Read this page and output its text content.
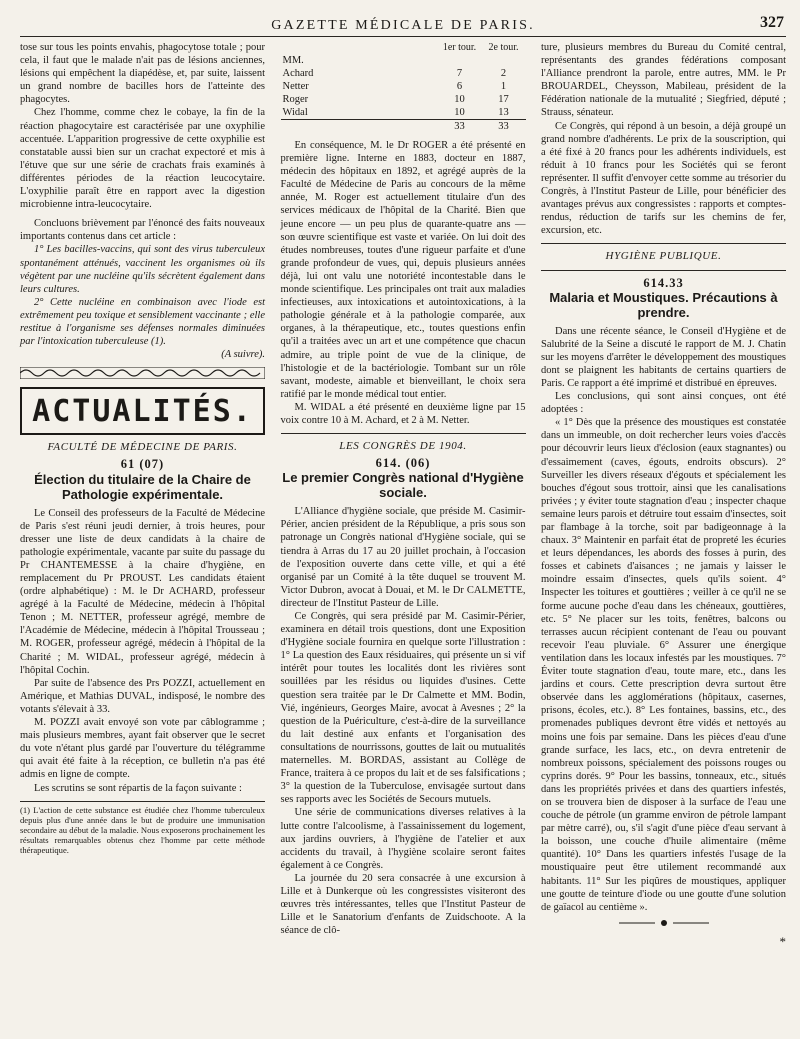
GAZETTE MÉDICALE DE PARIS.	327

tose sur tous les points envahis, phagocytose totale ; pour cela, il faut que le malade n'ait pas de lésions anciennes, lésions qui empêchent la diapédèse, et, par suite, laissent un grand nombre de bacilles hors de l'atteinte des phagocytes.

Chez l'homme, comme chez le cobaye, la fin de la réaction phagocytaire est caractérisée par une oxyphilie accentuée. L'apparition progressive de cette oxyphilie est constatable aussi bien sur un crachat expectoré et mis à l'étuve que sur une série de crachats frais examinés à différentes périodes de la réaction leucocytaire. L'oxyphilie paraît être en rapport avec la digestion microbienne intra-leucocytaire.

Concluons brièvement par l'énoncé des faits nouveaux importants contenus dans cet article :

1° Les bacilles-vaccins, qui sont des virus tuberculeux spontanément atténués, vaccinent les organismes où ils végètent par une nucléine qu'ils sécrètent également dans leurs cultures.

2° Cette nucléine en combinaison avec l'iode est extrêmement peu toxique et sensiblement vaccinante ; elle restitue à l'organisme ses défenses normales diminuées par l'intoxication tuberculeuse (1).

(A suivre).
ACTUALITÉS.
FACULTÉ DE MÉDECINE DE PARIS.
61 (07)
Élection du titulaire de la Chaire de Pathologie expérimentale.

Le Conseil des professeurs de la Faculté de Médecine de Paris s'est réuni jeudi dernier, à trois heures, pour dresser une liste de deux candidats à la chaire de pathologie expérimentale, vacante par suite du passage du Pr CHANTEMESSE à la chaire d'hygiène, en remplacement du Pr PROUST. Les candidats étaient (ordre alphabétique) : M. le Dr ACHARD, professeur agrégé à la Faculté de Médecine, médecin à l'hôpital Tenon ; M. NETTER, professeur agrégé, membre de l'Académie de Médecine, médecin à l'hôpital Trousseau ; M. ROGER, professeur agrégé, médecin à l'hôpital de la Charité ; M. WIDAL, professeur agrégé, médecin à l'hôpital Cochin.

Par suite de l'absence des Prs POZZI, actuellement en Amérique, et Mathias DUVAL, indisposé, le nombre des votants s'élevait à 33.

M. POZZI avait envoyé son vote par câblogramme ; mais plusieurs membres, ayant fait observer que le secret du vote n'étant plus gardé par l'ouverture du télégramme qui avait été faite à la réception, ce bulletin n'a pas été admis en ligne de compte.

Les scrutins se sont répartis de la façon suivante :

(1) L'action de cette substance est étudiée chez l'homme tuberculeux depuis plus d'une année dans le but de produire une immunisation secondaire au début de la maladie. Nous exposerons prochainement les résultats remarquables obtenus chez l'homme par cette méthode thérapeutique.

	1er tour.	2e tour.
MM.		
Achard	7	2
Netter	6	1
Roger	10	17
Widal	10	13
	33	33

En conséquence, M. le Dr ROGER a été présenté en première ligne. Interne en 1883, docteur en 1887, médecin des hôpitaux en 1892, et agrégé auprès de la Faculté de Médecine de Paris au concours de la même année, M. Roger est actuellement titulaire d'un des services médicaux de l'hôpital de la Charité. Bien que jeune encore — un peu plus de quarante-quatre ans — son œuvre scientifique est vaste et variée. On lui doit des études nombreuses, toutes d'une rigueur parfaite et d'une grande profondeur de vues, qui, depuis plusieurs années déjà, lui ont valu une notoriété incontestable dans le monde scientifique. Les principales ont trait aux maladies infectieuses, aux intoxications et autointoxications, à la pathologie générale et à la pathologie comparée, aux organes, à la thérapeutique, etc., toutes questions enfin qu'il a traitées avec un art et une compétence que chacun admire, au triple point de vue de la clinique, de l'histologie et de la bactériologie. Tombant sur un rôle savant, modeste, aimable et bienveillant, le choix sera ratifié par le monde médical tout entier.

M. WIDAL a été présenté en deuxième ligne par 15 voix contre 10 à M. Achard, et 2 à M. Netter.

LES CONGRÈS DE 1904.
614. (06)
Le premier Congrès national d'Hygiène sociale.

L'Alliance d'hygiène sociale, que préside M. Casimir-Périer, ancien président de la République, a pris sous son patronage un Congrès national d'Hygiène sociale, qui se tiendra à Arras du 17 au 20 juillet prochain, à l'occasion de l'exposition ouverte dans cette ville, et qui a été organisé par un Comité à la tête duquel se trouvent M. Victor Dubron, avocat à Douai, et M. le Dr CALMETTE, directeur de l'Institut Pasteur de Lille.

Ce Congrès, qui sera présidé par M. Casimir-Périer, examinera en détail trois questions, dont une Exposition d'Hygiène sociale fournira en quelque sorte l'illustration : 1° La question des Eaux résiduaires, qui présente un si vif intérêt pour toutes les localités dont les rivières sont souillées par les résidus ou liquides d'usines. Cette question sera traitée par le Dr Calmette et MM. Bodin, Vié, ingénieurs, Georges Maire, avocat à Avesnes ; 2° la question de la Puériculture, c'est-à-dire de la surveillance du lait destiné aux enfants et l'organisation des consultations de nourrissons, gouttes de lait ou mutualités maternelles. M. BORDAS, assistant au Collège de France, traitera à ce propos du lait et de ses falsifications ; 3° la question de la Tuberculose, envisagée surtout dans ses rapports avec les Sociétés de Secours mutuels.

Une série de communications diverses relatives à la lutte contre l'alcoolisme, à l'assainissement du logement, aux jardins ouvriers, à l'hygiène de l'atelier et aux accidents du travail, à l'hygiène scolaire seront faites également à ce Congrès.

La journée du 20 sera consacrée à une excursion à Lille et à Dunkerque où les congressistes visiteront des œuvres très intéressantes, telles que l'Institut Pasteur de Lille et le Sanatorium d'enfants de Zuidschoote. A la séance de clô-

ture, plusieurs membres du Bureau du Comité central, représentants des grandes fédérations composant l'Alliance prendront la parole, entre autres, MM. le Pr BROUARDEL, Cheysson, Mabileau, président de la Fédération nationale de la mutualité ; Siegfried, député ; Strauss, sénateur.

Ce Congrès, qui répond à un besoin, a déjà groupé un grand nombre d'adhérents. Le prix de la souscription, qui a été fixé à 20 francs pour les adhérents individuels, est réduit à 10 francs pour les Sociétés qui se feront représenter. Il suffit d'envoyer cette somme au trésorier du Congrès, à l'Institut Pasteur de Lille, pour bénéficier des avantages prévus aux congressistes : rapports et comptes-rendus, réduction de tarifs sur les chemins de fer, excursion, etc.

HYGIÈNE PUBLIQUE.
614.33
Malaria et Moustiques. Précautions à prendre.

Dans une récente séance, le Conseil d'Hygiène et de Salubrité de la Seine a discuté le rapport de M. J. Chatin sur les moyens d'arrêter le développement des moustiques dont se plaignent les habitants de certains quartiers de Paris. Ce rapport a été imprimé et distribué en épreuves.

Les conclusions, qui sont ainsi conçues, ont été adoptées :

« 1° Dès que la présence des moustiques est constatée dans un immeuble, on doit rechercher leurs voies d'accès pour découvrir leurs lieux d'éclosion (eaux stagnantes) ou d'essaimement (caves, égouts, endroits obscurs). 2° Surveiller les divers réseaux d'égouts et spécialement les bouches d'égout sous trottoir, ainsi que les canalisations privées ; y éviter toute stagnation d'eau ; inspecter chaque semaine leurs parois et détruire tout essaim d'insectes, soit par flambage à la torche, soit par badigeonnage à la chaux. 3° Maintenir en parfait état de propreté les écuries et leurs dépendances, les abords des fosses à purin, des fosses et cabinets d'aisances ; ne jamais y laisser le moindre essaim d'insectes, quels qu'ils soient. 4° Inspecter les toitures et gouttières ; veiller à ce qu'il ne se forme aucune poche d'eau dans les chéneaux, gouttières, etc. 5° Ne placer sur les toits, fenêtres, balcons ou terrasses aucun récipient contenant de l'eau ou pouvant recevoir l'eau pluviale. 6° Assurer une énergique ventilation dans les locaux infestés par les moustiques. 7° Éviter toute stagnation d'eau, toute mare, etc., dans les jardins et cours. Cette prescription devra surtout être observée dans les agglomérations (hôpitaux, casernes, prisons, écoles, etc.). 8° Les fontaines, bassins, etc., des promenades publiques devront être vidés et nettoyés au moins une fois par semaine. Dans les pièces d'eau d'une grande surface, les lacs, etc., on devra entretenir de nombreux poissons, spécialement des poissons rouges ou cyprins dorés. 9° Pour les bassins, tonneaux, etc., situés dans les propriétés privées et dans des quartiers infestés, on se trouvera bien de disposer à la surface de l'eau une couche de pétrole (un gramme environ de pétrole lampant par mètre carré), ou, s'il s'agit d'une pièce d'eau servant à la boisson, une couche d'huile alimentaire (même quantité). 10° Dans les quartiers infestés l'usage de la moustiquaire peut être utilement recommandé aux habitants. 11° Sur les piqûres de moustiques, appliquer une goutte de teinture d'iode ou une goutte d'une solution de gaïacol au centième ».

*
